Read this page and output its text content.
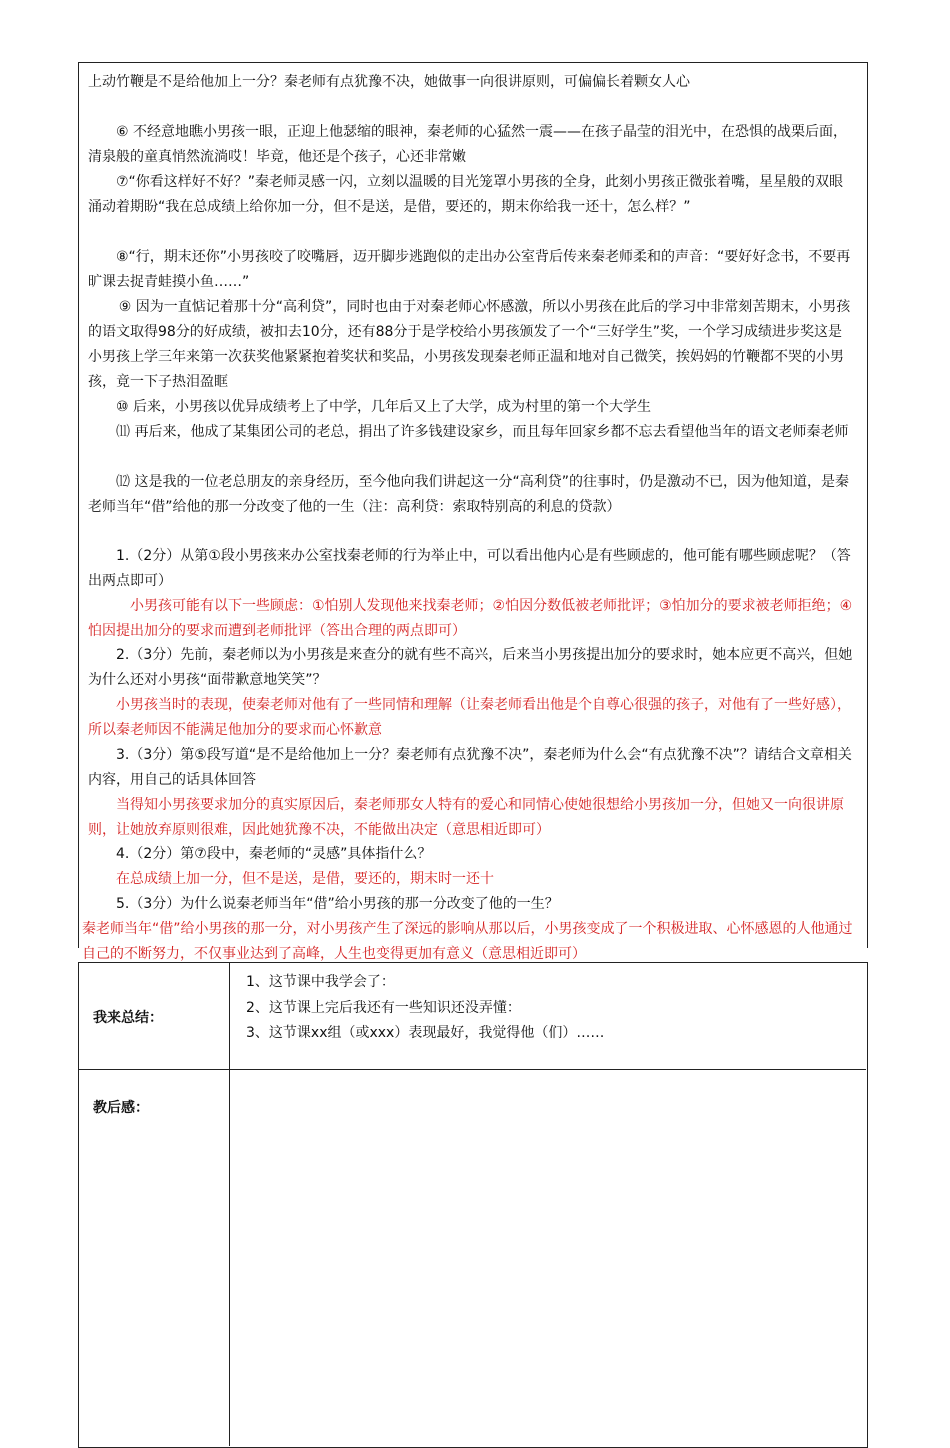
上动竹鞭是不是给他加上一分？秦老师有点犹豫不决，她做事一向很讲原则，可偏偏长着颗女人心
⑥ 不经意地瞧小男孩一眼，正迎上他瑟缩的眼神，秦老师的心猛然一震——在孩子晶莹的泪光中，在恐惧的战栗后面，清泉般的童真悄然流淌哎！毕竟，他还是个孩子，心还非常嫩
⑦“你看这样好不好？”秦老师灵感一闪，立刻以温暖的目光笼罩小男孩的全身，此刻小男孩正微张着嘴，星星般的双眼涌动着期盼“我在总成绩上给你加一分，但不是送，是借，要还的，期末你给我一还十，怎么样？”
⑧“行，期末还你”小男孩咬了咬嘴唇，迈开脚步逃跑似的走出办公室背后传来秦老师柔和的声音：“要好好念书，不要再旷课去捉青蛙摸小鱼……”
⑨ 因为一直惦记着那十分“高利贷”，同时也由于对秦老师心怀感激，所以小男孩在此后的学习中非常刻苦期末，小男孩的语文取得98分的好成绩，被扣去10分，还有88分于是学校给小男孩颁发了一个“三好学生”奖，一个学习成绩进步奖这是小男孩上学三年来第一次获奖他紧紧抱着奖状和奖品，小男孩发现秦老师正温和地对自己微笑，挨妈妈的竹鞭都不哭的小男孩，竟一下子热泪盈眶
⑩ 后来，小男孩以优异成绩考上了中学，几年后又上了大学，成为村里的第一个大学生
⑾ 再后来，他成了某集团公司的老总，捐出了许多钱建设家乡，而且每年回家乡都不忘去看望他当年的语文老师秦老师
⑿ 这是我的一位老总朋友的亲身经历，至今他向我们讲起这一分“高利贷”的往事时，仍是激动不已，因为他知道，是秦老师当年“借”给他的那一分改变了他的一生（注：高利贷：索取特别高的利息的贷款）
1.（2分）从第①段小男孩来办公室找秦老师的行为举止中，可以看出他内心是有些顾虑的，他可能有哪些顾虑呢？（答出两点即可）
小男孩可能有以下一些顾虑：①怕别人发现他来找秦老师；②怕因分数低被老师批评；③怕加分的要求被老师拒绝；④怕因提出加分的要求而遭到老师批评（答出合理的两点即可）
2.（3分）先前，秦老师以为小男孩是来查分的就有些不高兴，后来当小男孩提出加分的要求时，她本应更不高兴，但她为什么还对小男孩“面带歉意地笑笑”？
小男孩当时的表现，使秦老师对他有了一些同情和理解（让秦老师看出他是个自尊心很强的孩子，对他有了一些好感），所以秦老师因不能满足他加分的要求而心怀歉意
3.（3分）第⑤段写道“是不是给他加上一分？秦老师有点犹豫不决”，秦老师为什么会“有点犹豫不决”？请结合文章相关内容，用自己的话具体回答
当得知小男孩要求加分的真实原因后，秦老师那女人特有的爱心和同情心使她很想给小男孩加一分，但她又一向很讲原则，让她放弃原则很难，因此她犹豫不决，不能做出决定（意思相近即可）
4.（2分）第⑦段中，秦老师的“灵感”具体指什么？
在总成绩上加一分，但不是送，是借，要还的，期末时一还十
5.（3分）为什么说秦老师当年“借”给小男孩的那一分改变了他的一生？
秦老师当年“借”给小男孩的那一分，对小男孩产生了深远的影响从那以后，小男孩变成了一个积极进取、心怀感恩的人他通过自己的不断努力，不仅事业达到了高峰，人生也变得更加有意义（意思相近即可）
我来总结：
1、这节课中我学会了：
2、这节课上完后我还有一些知识还没弄懂：
3、这节课xx组（或xxx）表现最好，我觉得他（们）……
教后感：
